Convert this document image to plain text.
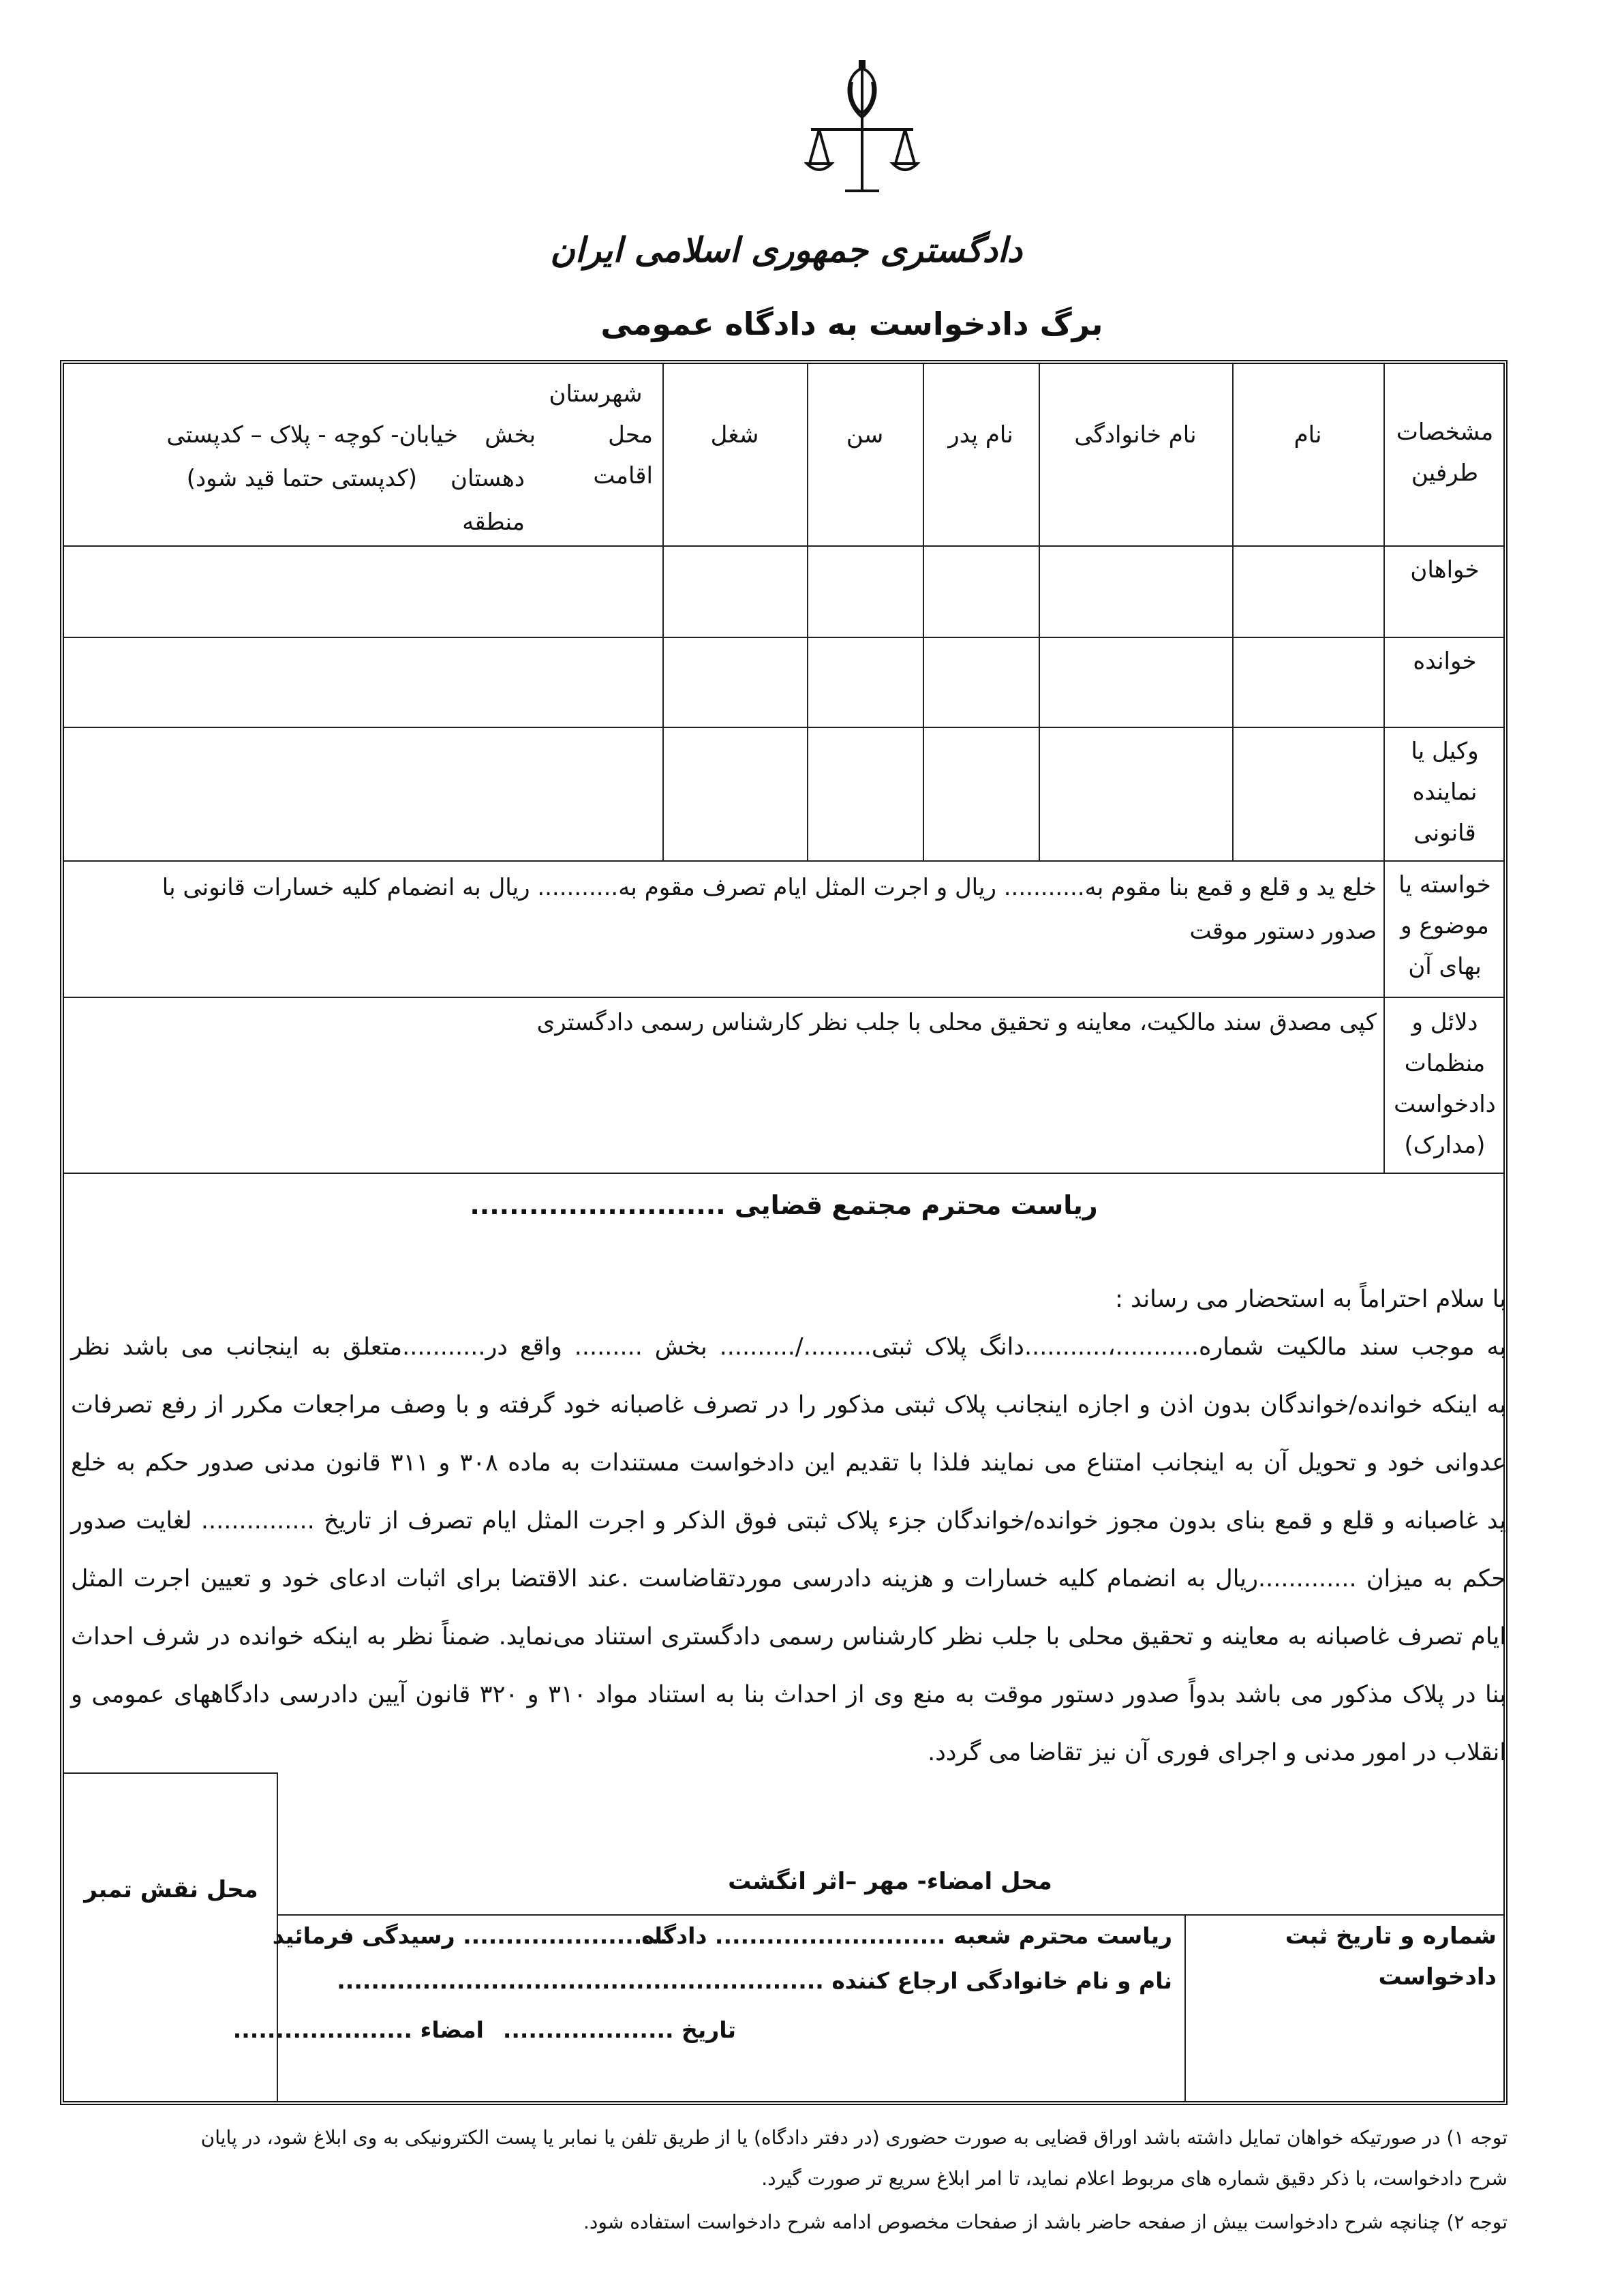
دادگستری جمهوری اسلامی ایران
برگ دادخواست به دادگاه عمومی
مشخصات
طرفین
نام
نام خانوادگی
نام پدر
سن
شغل
شهرستان
محل اقامت
بخش
خیابان- کوچه - پلاک – کدپستی
دهستان
(کدپستی حتما قید شود)
منطقه
خواهان
خوانده
وکیل یا
نماینده
قانونی
خواسته یا
موضوع و
بهای آن
خلع ید و قلع و قمع بنا مقوم به........... ریال و اجرت المثل ایام تصرف مقوم به........... ریال به انضمام کلیه خسارات قانونی با
صدور دستور موقت
دلائل و
منظمات
دادخواست
(مدارک)
کپی مصدق سند مالکیت، معاینه و تحقیق محلی با جلب نظر کارشناس رسمی دادگستری
ریاست محترم مجتمع قضایی ..........................
با سلام احتراماً به استحضار می رساند :
به موجب سند مالکیت شماره...........،...........دانگ پلاک ثبتی........./.......... بخش ......... واقع در...........متعلق به اینجانب می باشد نظر
به اینکه خوانده/خواندگان بدون اذن و اجازه اینجانب پلاک ثبتی مذکور را در تصرف غاصبانه خود گرفته و با وصف مراجعات مکرر از رفع تصرفات
عدوانی خود و تحویل آن به اینجانب امتناع می نمایند فلذا با تقدیم این دادخواست مستندات به ماده ۳۰۸ و ۳۱۱ قانون مدنی صدور حکم به خلع
ید غاصبانه و قلع و قمع بنای بدون مجوز خوانده/خواندگان جزء پلاک ثبتی فوق الذکر و اجرت المثل ایام تصرف از تاریخ ............... لغایت صدور
حکم به میزان .............ریال به انضمام کلیه خسارات و هزینه دادرسی موردتقاضاست .عند الاقتضا برای اثبات ادعای خود و تعیین اجرت المثل
ایام تصرف غاصبانه به معاینه و تحقیق محلی با جلب نظر کارشناس رسمی دادگستری استناد می‌نماید. ضمناً نظر به اینکه خوانده در شرف احداث
بنا در پلاک مذکور می باشد بدواً صدور دستور موقت به منع وی از احداث بنا به استناد مواد ۳۱۰ و ۳۲۰ قانون آیین دادرسی دادگاههای عمومی و
انقلاب در امور مدنی و اجرای فوری آن نیز تقاضا می گردد.
محل نقش تمبر	محل امضاء- مهر –اثر انگشت
شماره و تاریخ ثبت دادخواست
ریاست محترم شعبه ........................... دادگاه
........................ رسیدگی فرمائید
نام و نام خانوادگی ارجاع کننده .........................................................
تاریخ ....................
امضاء .....................
توجه ۱) در صورتیکه خواهان تمایل داشته باشد اوراق قضایی به صورت حضوری (در دفتر دادگاه) یا از طریق تلفن یا نمابر یا پست الکترونیکی به وی ابلاغ شود، در پایان
شرح دادخواست، با ذکر دقیق شماره های مربوط اعلام نماید، تا امر ابلاغ سریع تر صورت گیرد.
توجه ۲) چنانچه شرح دادخواست بیش از صفحه حاضر باشد از صفحات مخصوص ادامه شرح دادخواست استفاده شود.
